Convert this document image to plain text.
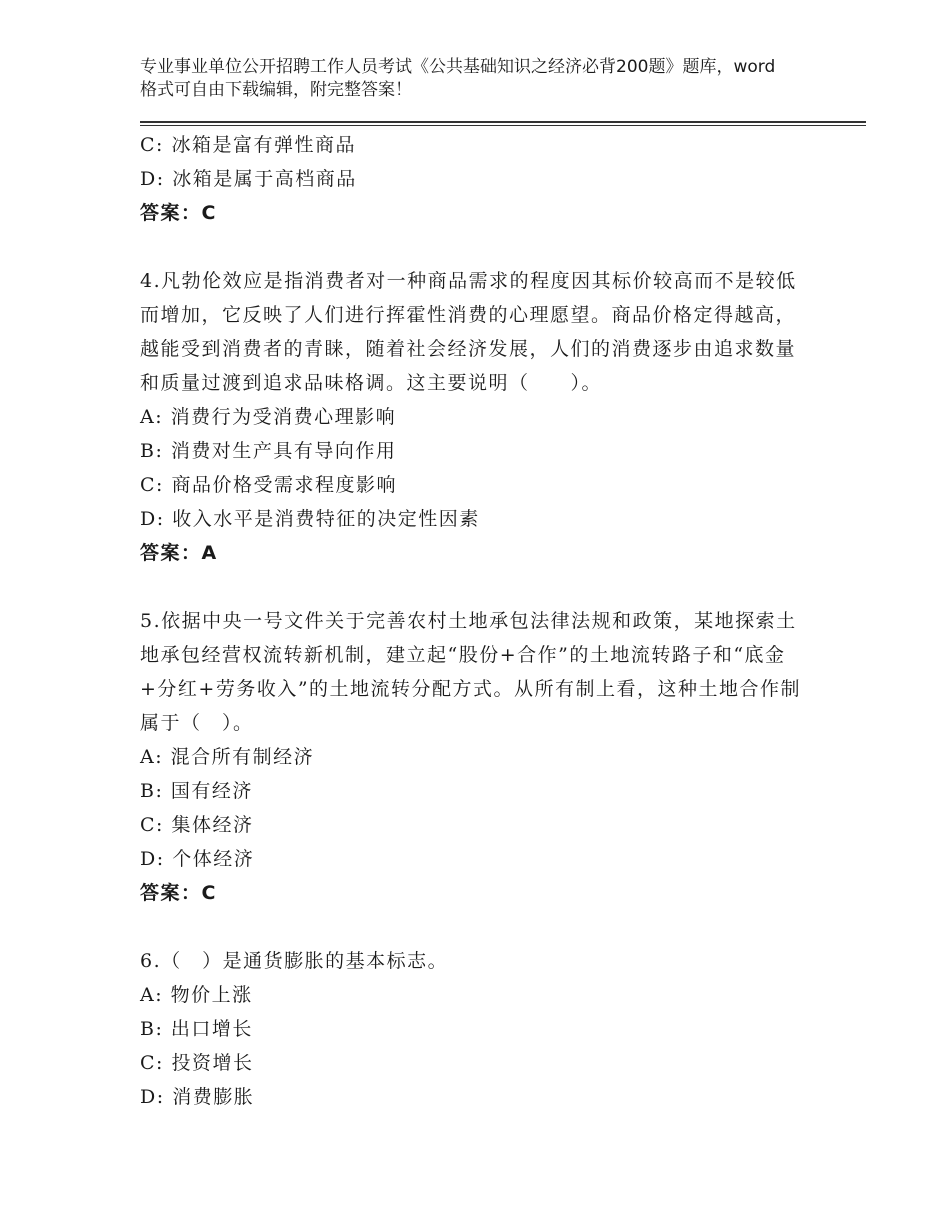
专业事业单位公开招聘工作人员考试《公共基础知识之经济必背200题》题库，word格式可自由下载编辑，附完整答案！

C: 冰箱是富有弹性商品

D: 冰箱是属于高档商品

答案：C

4.凡勃伦效应是指消费者对一种商品需求的程度因其标价较高而不是较低而增加，它反映了人们进行挥霍性消费的心理愿望。商品价格定得越高，越能受到消费者的青睐，随着社会经济发展，人们的消费逐步由追求数量和质量过渡到追求品味格调。这主要说明（　　）。

A: 消费行为受消费心理影响

B: 消费对生产具有导向作用

C: 商品价格受需求程度影响

D: 收入水平是消费特征的决定性因素

答案：A

5.依据中央一号文件关于完善农村土地承包法律法规和政策，某地探索土地承包经营权流转新机制，建立起“股份+合作”的土地流转路子和“底金+分红+劳务收入”的土地流转分配方式。从所有制上看，这种土地合作制属于（　）。

A: 混合所有制经济

B: 国有经济

C: 集体经济

D: 个体经济

答案：C

6.（　）是通货膨胀的基本标志。

A: 物价上涨

B: 出口增长

C: 投资增长

D: 消费膨胀
